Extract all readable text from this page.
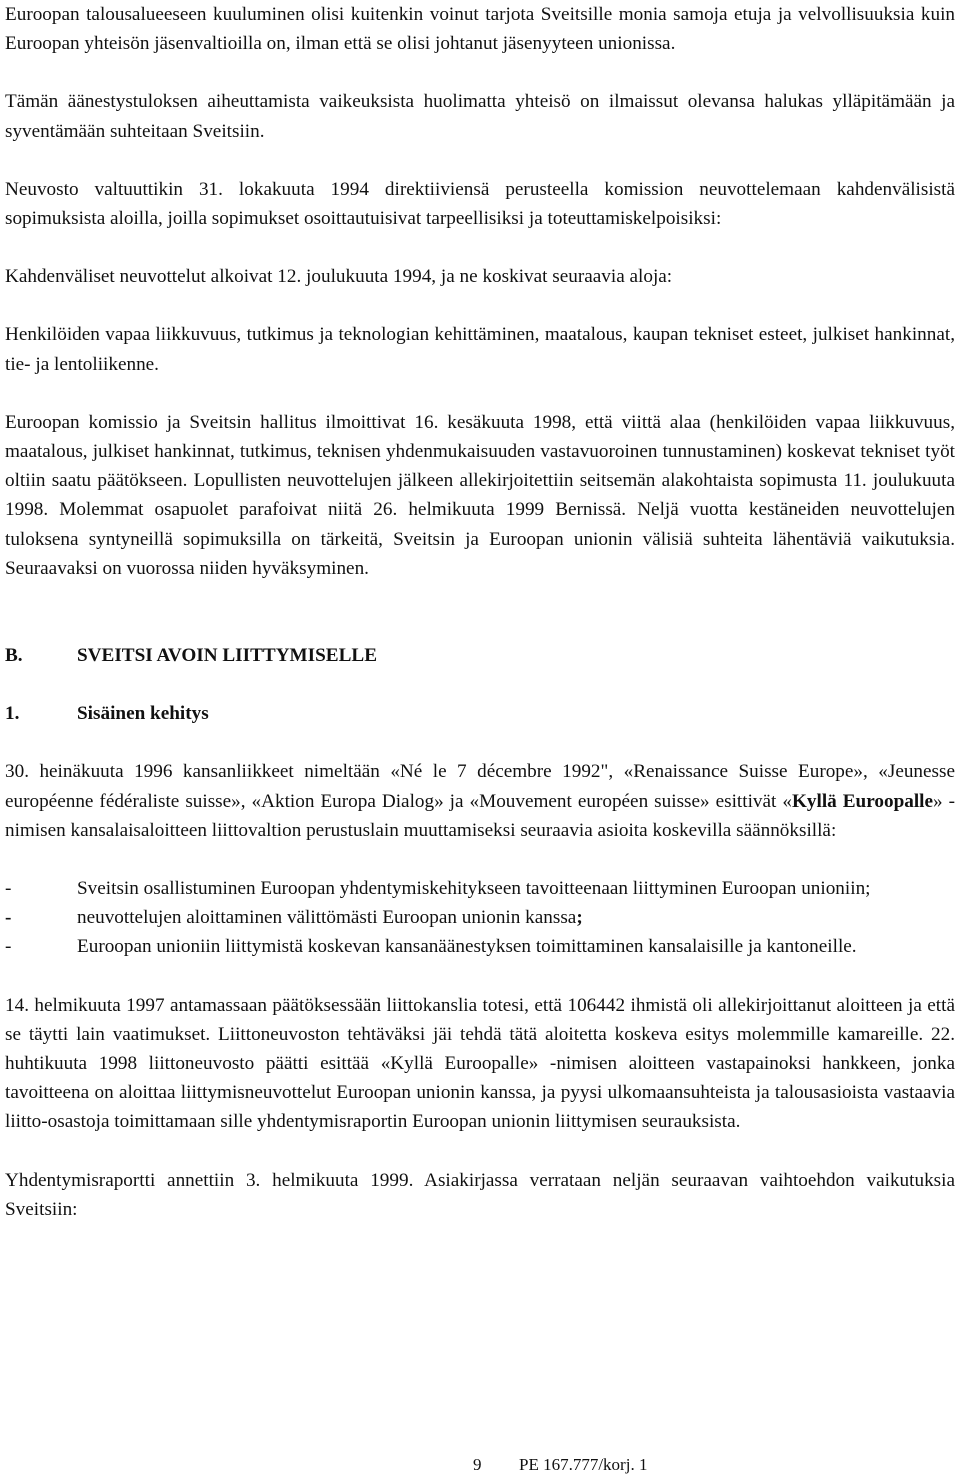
Euroopan talousalueeseen kuuluminen olisi kuitenkin voinut tarjota Sveitsille monia samoja etuja ja velvollisuuksia kuin Euroopan yhteisön jäsenvaltioilla on, ilman että se olisi johtanut jäsenyyteen unionissa.

Tämän äänestystuloksen aiheuttamista vaikeuksista huolimatta yhteisö on ilmaissut olevansa halukas ylläpitämään ja syventämään suhteitaan Sveitsiin.

Neuvosto valtuuttikin 31. lokakuuta 1994 direktiiviensä perusteella komission neuvottelemaan kahdenvälisistä sopimuksista aloilla, joilla sopimukset osoittautuisivat tarpeellisiksi ja toteuttamiskelpoisiksi:

Kahdenväliset neuvottelut alkoivat 12. joulukuuta 1994, ja ne koskivat seuraavia aloja:

Henkilöiden vapaa liikkuvuus, tutkimus ja teknologian kehittäminen, maatalous, kaupan tekniset esteet, julkiset hankinnat, tie- ja lentoliikenne.

Euroopan komissio ja Sveitsin hallitus ilmoittivat 16. kesäkuuta 1998, että viittä alaa (henkilöiden vapaa liikkuvuus, maatalous, julkiset hankinnat, tutkimus, teknisen yhdenmukaisuuden vastavuoroinen tunnustaminen) koskevat tekniset työt oltiin saatu päätökseen. Lopullisten neuvottelujen jälkeen allekirjoitettiin seitsemän alakohtaista sopimusta 11. joulukuuta 1998. Molemmat osapuolet parafoivat niitä 26. helmikuuta 1999 Bernissä. Neljä vuotta kestäneiden neuvottelujen tuloksena syntyneillä sopimuksilla on tärkeitä, Sveitsin ja Euroopan unionin välisiä suhteita lähentäviä vaikutuksia. Seuraavaksi on vuorossa niiden hyväksyminen.

B.	SVEITSI AVOIN LIITTYMISELLE
1.	Sisäinen kehitys

30. heinäkuuta 1996 kansanliikkeet nimeltään «Né le 7 décembre 1992", «Renaissance Suisse Europe», «Jeunesse européenne fédéraliste suisse», «Aktion Europa Dialog» ja «Mouvement européen suisse» esittivät «Kyllä Euroopalle» -nimisen kansalaisaloitteen liittovaltion perustuslain muuttamiseksi seuraavia asioita koskevilla säännöksillä:

-	Sveitsin osallistuminen Euroopan yhdentymiskehitykseen tavoitteenaan liittyminen Euroopan unioniin;
-	neuvottelujen aloittaminen välittömästi Euroopan unionin kanssa;
-	Euroopan unioniin liittymistä koskevan kansanäänestyksen toimittaminen kansalaisille ja kantoneille.

14. helmikuuta 1997 antamassaan päätöksessään liittokanslia totesi, että 106442 ihmistä oli allekirjoittanut aloitteen ja että se täytti lain vaatimukset. Liittoneuvoston tehtäväksi jäi tehdä tätä aloitetta koskeva esitys molemmille kamareille. 22. huhtikuuta 1998 liittoneuvosto päätti esittää «Kyllä Euroopalle» -nimisen aloitteen vastapainoksi hankkeen, jonka tavoitteena on aloittaa liittymisneuvottelut Euroopan unionin kanssa, ja pyysi ulkomaansuhteista ja talousasioista vastaavia liitto-osastoja toimittamaan sille yhdentymisraportin Euroopan unionin liittymisen seurauksista.

Yhdentymisraportti annettiin 3. helmikuuta 1999. Asiakirjassa verrataan neljän seuraavan vaihtoehdon vaikutuksia Sveitsiin:

9 PE 167.777/korj. 1
